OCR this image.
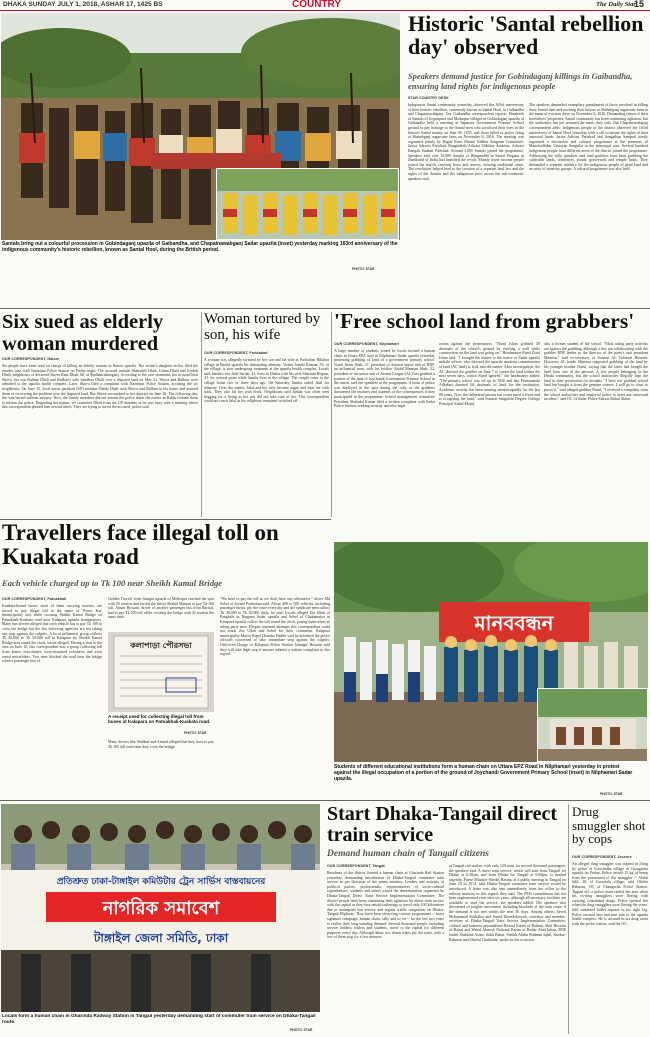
DHAKA SUNDAY JULY 1, 2018, ASHAR 17, 1425 BS	COUNTRY	The Daily Star
15
Santals bring out a colourful procession in Gobindaganj upazila of Gaibandha, and Chapainawabganj Sadar upazila (inset) yesterday marking 163rd anniversary of the indigenous community's historic rebellion, known as Santal Hool, during the British period.
PHOTO: STAR
Historic 'Santal rebellion day' observed
Speakers demand justice for Gobindaganj killings in Gaibandha, ensuring land rights for indigenous people
STAR COUNTRY DESK
Indigenous Santal community yesterday observed the 163rd anniversary of their historic rebellion, commonly known as Santal Hool, in Gaibandha and Chapainawabganj. Our Gaibandha correspondent reports: Hundreds of Santals of Joypurpara and Madarpur villages in Gobindaganj upazila of Gaibandha held a meeting at Sapmara Government Primary School ground to pay homage to the Santal men who sacrificed their lives in the historic Santal mutiny on June 30, 1855, and those killed in police firing at Shahebganj sugarcane farm on November 6, 2016. The meeting was organised jointly by Bagda Farm Bhumi Uddhar Sangram Committee, Jatiya Adivasi Parishad, Bangladesh Adivasi Odhikar Andolon, Adivasi Bangali Sanhati Parishad. Around 3,000 Santals joined the programme. Speakers said over 10,000 Santals of Bhagnadihi in Santal Pargana in Jharkhand of India had launched the revolt. Mainly lower income people joined the march, carrying bows and arrows, wearing traditional attire. The revolution helped lead to the creation of a separate land law and the rights of the Santals and the indigenous poor across the sub-continent, speakers said.
The speakers demanded exemplary punishment of those involved in killing three Santal men and torching their houses at Shahebganj sugarcane farm in the name of eviction drive on November 6, 2016. Demanding return of their forefathers' properties, Santal community has been continuing agitation, but the authorities has not returned the same, they said. Our Chapainawabganj correspondent adds: Indigenous people of the district observed the 163rd anniversary of Santal Hool yesterday with a call to ensure the rights of their ancestral lands. Jatiya Adivasi Parishad and Sangathan Sampad jointly organised a discussion and cultural programme at the premises of Manobadhikar Unnayan Sangstha in the municipal area. Several hundred indigenous people from different areas of the district joined the programme. Addressing the rally, speakers said land grabbers have been grabbing the cultivable lands, residences, ponds, graveyards and temple lands. They demanded a separate ministry for the indigenous people of plain land and security of minority groups. A cultural programme was also held.
Six sued as elderly woman murdered
OUR CORRESPONDENT, Natore
Six people have been sued on charge of killing an elderly woman in Natore upazila. The victim's daughter-in-law filed the murder case with Naziripur Police Station on Friday night. The accused include Shahadeb Dhali, Uttam Dhali and Joydeb Dhali, neighbours of deceased Shova Rani Dhali, 60, of Radhakrishnaganj. According to the case statement, the accused beat Shova, her son Bulbun Dhali and Bulbun's wife Sandhya Dhali over a disputed land on May 31. Shova and Bulbun were admitted to the upazila health complex. Later, Shova filed a complaint with Naziripur Police Station, accusing the six neighbours. On June 15, local union parishad (UP) member Bablu Dhali took Shova and Bulbun to his home and assured them of recovering the problem over the disputed land. But Shova succumbed to her injuries on June 26. The following day, she was buried without autopsy. Now, the family members did not inform the police about the matter as Bablu forbade them to inform the police. Regarding the matter, we contacted Dhali from the UP member as he was busy with a meeting where this correspondent phoned him several times. They are trying to arrest the accused, police said.
Woman tortured by son, his wife
OUR CORRESPONDENT, Faridabad
A woman was allegedly tortured by her son and his wife at Pushchim Billabar village in Bazlul upazila for demanding alimony. Victim Jamila Khatun, 55, of the village, is now undergoing treatment at the upazila health complex. Locals said Jamila's son Jalal Sardar, 42, lives in Dhaka with his wife Sharmin Begum, 23, for several years while Jamila lives at the village. The couple came to the village home two or three days ago. On Saturday, Jamila asked Jalal for alimony. Over the matter, Jalal and his wife became angry and beat her with stick. They also hit her with brick. Neighbours said Jamila was often seen begging for a living as her son did not take care of her. This correspondent could not reach Jalal as his cellphone remained switched off.
'Free school land from grabbers'
OUR CORRESPONDENT, Nilphamari
A large number of students joined by locals formed a human chain in Uttara EPZ road in Nilphamari Sadar upazila yesterday protesting grabbing of land of a government primary school. Nurul Islam Shah, 47, president of Sonarai union unit of BNP, an influential man, with his brother Abdul Mannan Shah, 52, president of the union unit of Awami League (AL) has grabbed a portion of the land of Joychandi Government Primary School in the union, said the speakers at the programme. A team of police was deployed in the spot during the rally as the grabbers threatened the teachers and students of the consequences if they participated in the programme. School management committee President Shahidul Kamar filed a written complaint with Sadar Police Station, seeking security and also legal
action against the perpetrators. "Nurul Islam grabbed 50 decimals of the school's ground by erecting a wall while construction on the land was going on," Headmaster Ratul Ziaul Islam said. "I brought the matter to the notice of Sadar upazila nirbahi officer, who directed the upazila assistant commissioner of land (AC land) to look into the matter. After investigation, the AC directed the grabber on June 7 to vacate the land within the next seven days, which Nurul ignored," the headmaster added. "The primary school was set up in 1930 and late Pramananda Adhikari donated 66 decimals of land for the institution. Academic activity has been running uninterruptedly for the last 88 years. Now the influential person has constructed a fence and is occupying the land," said Sonarai-Sangalshi Degree College Principal Abdul Majid,
also a former student of the school. "Most ruling party activists are against the grabbing, although a few are collaborating with the grabber BNP leader as the director of the party's unit president Mannan," said ex-secretary of Sonarai AL Tofazzal Hossain. However, AL leader Mannan supported grabbing of the land by his younger brother Nurul, saying that the latter had bought the land from one of the persons. A few people belonging to the Hindu community, but the school authorities illegally kept the land in their possession for decades. "I have not grabbed school land but bought it from the genuine owners. I will go to court to prove it," said alleged grabber Nurul. "I received a complaint from the school authorities and deployed police to avert any untoward incident," said OC of Sadar Police Station Bahul Akbar.
মানববন্ধন
Students of different educational institutions form a human chain on Uttara EPZ Road in Nilphamari yesterday in protest against the illegal occupation of a portion of the ground of Joychandi Government Primary School (inset) in Nilphamari Sadar upazila.
PHOTO: STAR
Travellers face illegal toll on Kuakata road
Each vehicle charged up to Tk 100 near Sheikh Kamal Bridge
OUR CORRESPONDENT, Patuakhali
Kuakata-bound buses, most of them carrying tourists, are forced to pay illegal toll in the name of 'Pouro Kar' (municipality tax) while crossing Sheikh Kamal Bridge on Patuakhali-Kuakata road near Kalapara upazila headquarters. Many bus drivers alleged that each vehicle has to pay Tk 100 to cross the bridge but the law enforcing agencies are not taking any step against the culprits. A local influential group collects Tk 40,000 to Tk 50,000 toll in Kalapara by Sheikh Kamal Bridge area round the clock, locals alleged. During a visit to the area on June 10, this correspondent saw a group collecting toll from buses, microbuses, lorry-mounted rickshaws and even rental motorbikes. Two men blocked the road near the bridge when a passenger bus of
Golden Travels' from Gangni upazila of Meherpur reached the spot with 50 tourists and forced the driver Shahid Mamun to pay Tk 100 toll. Ahsan Hossain, driver of another passenger bus from Barisal, had to pay Tk 100 toll while crossing the bridge with 45 tourists the same time.
কলাপাড়া পৌরসভা
A receipt used for collecting illegal toll from buses at Kalapara on Patuakhali-Kuakata road.
PHOTO: STAR
Many drivers like Shahbul and Amzad alleged that they have to pay Tk 100 toll each time they cross the bridge.
"We have to pay the toll as we don't have any alternative," driver Md Sohel of Joynal Paribahan said. About 400 to 500 vehicles, including passenger buses, ply the route everyday and the syndicate men collect Tk 40,000 to Tk 50,000 daily, he said. Locals alleged Ziu Jillah of Pangbala in Barguna Sadar upazila and Sohel of Chakamaiya in Kalapara upazila collect the toll round the clock, posing themselves as ruling party men. Despite repeated attempts this correspondent could not reach Ziu Ullah and Sohel for their comments. Kalapara municipality Mayor Bipul Chandra Halder said he informed the police officials concerned to take immediate step against the culprits. Officer-in-Charge of Kalapara Police Station Jahangir Hossain said they will take legal step if anyone submits a written complaint in this regard.
প্রতিশ্রুত ঢাকা-টাঙ্গাইল কমিউটার ট্রেন সার্ভিস বাস্তবায়নের
নাগরিক সমাবেশ
টাঙ্গাইল জেলা সমিতি, ঢাকা
Locals form a human chain in Gharinda Railway Station in Tangail yesterday demanding start of commuter train service on Dhaka-Tangail route.
PHOTO: STAR
Start Dhaka-Tangail direct train service
Demand human chain of Tangail citizens
OUR CORRESPONDENT, Tangail
Residents of the district formed a human chain at Gharinda Rail Station yesterday, demanding introduction of Dhaka-Tangail commuter train service as per direction of the prime minister. Leaders and activists of political parties, professionals, representatives of socio-cultural organisations, students and others joined the demonstration organised by Dhaka-Tangail Direct Train Service Implementation Committee. The district people have been continuing their agitation for direct train service with the capital as they face untold sufferings to travel only 100 kilometres due to inadequate bus service and regular traffic congestion on Dhaka-Tangail Highway. They have been observing various programmes -- mass signature campaign, human chain, rally and so on -- for the last two years to realise their long-standing demand. Several thousand people, including service holders, traders and students, travel to the capital for different purposes every day. Although about two dozen trains ply the route, only a few of them stop for a few minutes
at Tangail rail station, with only 120 seats for several thousand passengers, the speakers said. A direct train service, which will start from Tangail for Dhaka at 6:30am, and from Dhaka for Tangail at 6:00pm, is needed urgently. Prime Minister Sheikh Hasina, at a public meeting in Tangail on June 10 in 2012, said Dhaka-Tangail commuter train service would be introduced. A letter was also sent immediately from her office to the railway ministry in this regard, they said. The PM's commitment has not been implemented even after six years, although all necessary facilities are available to start the service, the speakers added. The speakers also threatened of tougher movement, including blockade of the train route, if the demand is not met within the next 30 days. Among others, Saved Mohammad Sukhdhar and Saeed Khondokeryab, convenor and member-secretary of Dhaka-Tangail Train Service Implementation Committee; cultural and business personalities Rezaul Karim of Raihan, Abul Hossain of Baisal and Wahid Ahmed; National Karim of Bashir Abid Jahari, BNP leader Shahidul Azam, Sabir Bahar, Sheikh Abdur Rahman Iqbal, Saeduz-Rahman and Shafiul Chakladar, spoke on the occasion.
Drug smuggler shot by cops
OUR CORRESPONDENT, Jessore
An alleged drug smuggler was injured in firing by police at Gowchalka village in Chaugacha upazila on Friday. Police seized 15 kg of hemp from the possession of the smuggler -- Abdul Jalil, 38, of Gorurtala village, said Ohidur Rahman, OC of Chaugacha Police Station. Tipped off, a police team raided the area when his ex-drug smugglers were fleeing with carrying contraband drugs. Police opened fire when the drug smugglers were fleeing the scene. Jalil sustained bullet injuries in his right leg. Police rescued him and sent him to the upazila health complex. He is accused in six drug cases with the police station, said the OC.
